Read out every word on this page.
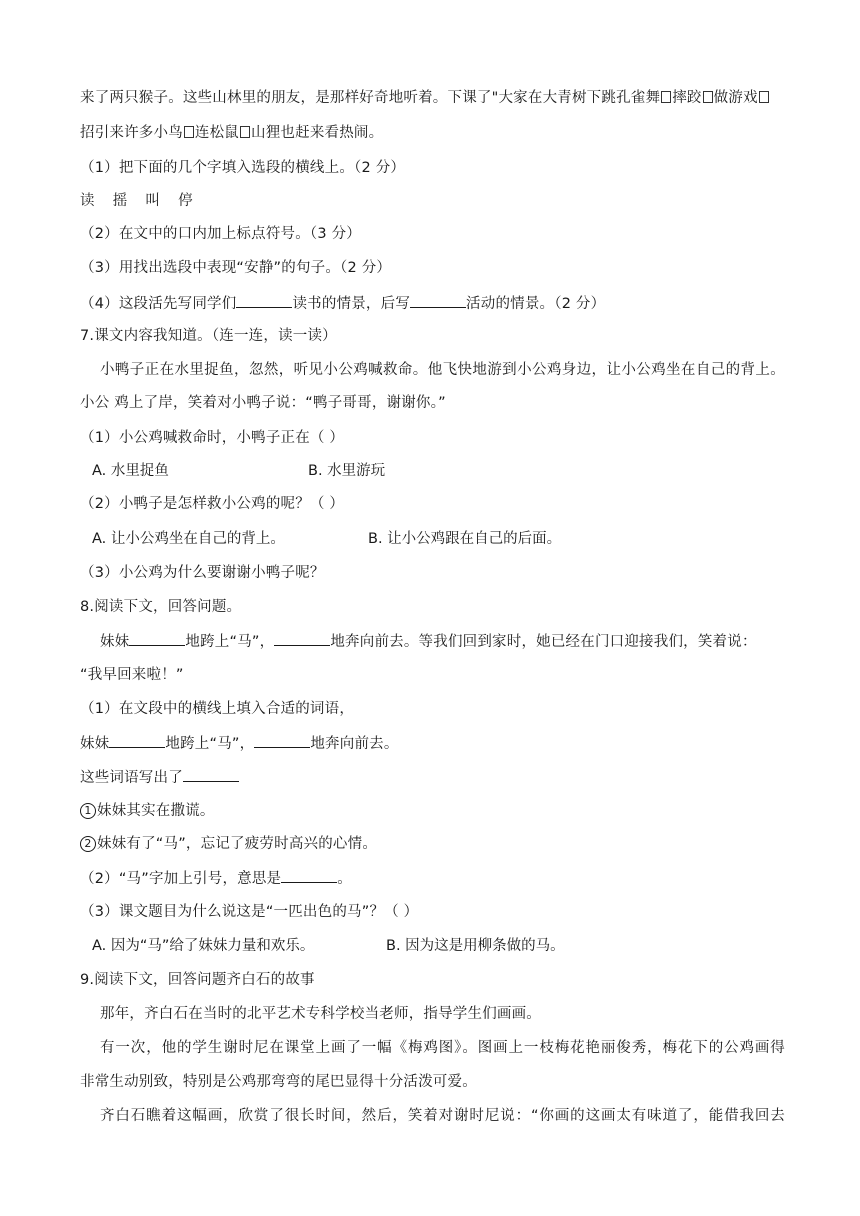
来了两只猴子。这些山林里的朋友，是那样好奇地听着。下课了"大家在大青树下跳孔雀舞 摔跤 做游戏
招引来许多小鸟 连松鼠 山狸也赶来看热闹。
（1）把下面的几个字填入选段的横线上。（2 分）
读 摇 叫 停
（2）在文中的口内加上标点符号。（3 分）
（3）用找出选段中表现“安静”的句子。（2 分）
（4）这段活先写同学们	读书的情景，后写	活动的情景。（2 分）
7.课文内容我知道。（连一连，读一读）
小鸭子正在水里捉鱼，忽然，听见小公鸡喊救命。他飞快地游到小公鸡身边，让小公鸡坐在自己的背上。
小公 鸡上了岸，笑着对小鸭子说：“鸭子哥哥，谢谢你。”
（1）小公鸡喊救命时，小鸭子正在（ ）
A. 水里捉鱼	B. 水里游玩
（2）小鸭子是怎样救小公鸡的呢？（ ）
A. 让小公鸡坐在自己的背上。	B. 让小公鸡跟在自己的后面。
（3）小公鸡为什么要谢谢小鸭子呢？
8.阅读下文，回答问题。
妹妹	地跨上“马”，	地奔向前去。等我们回到家时，她已经在门口迎接我们，笑着说：
“我早回来啦！”
（1）在文段中的横线上填入合适的词语，
妹妹	地跨上“马”，	地奔向前去。
这些词语写出了
1 妹妹其实在撒谎。
2 妹妹有了“马”，忘记了疲劳时高兴的心情。
（2）“马”字加上引号，意思是	。
（3）课文题目为什么说这是“一匹出色的马”？（ ）
A. 因为“马”给了妹妹力量和欢乐。	B. 因为这是用柳条做的马。
9.阅读下文，回答问题齐白石的故事
那年，齐白石在当时的北平艺术专科学校当老师，指导学生们画画。
有一次，他的学生谢时尼在课堂上画了一幅《梅鸡图》。图画上一枝梅花艳丽俊秀，梅花下的公鸡画得
非常生动别致，特别是公鸡那弯弯的尾巴显得十分活泼可爱。
齐白石瞧着这幅画，欣赏了很长时间，然后，笑着对谢时尼说：“你画的这画太有味道了，能借我回去
